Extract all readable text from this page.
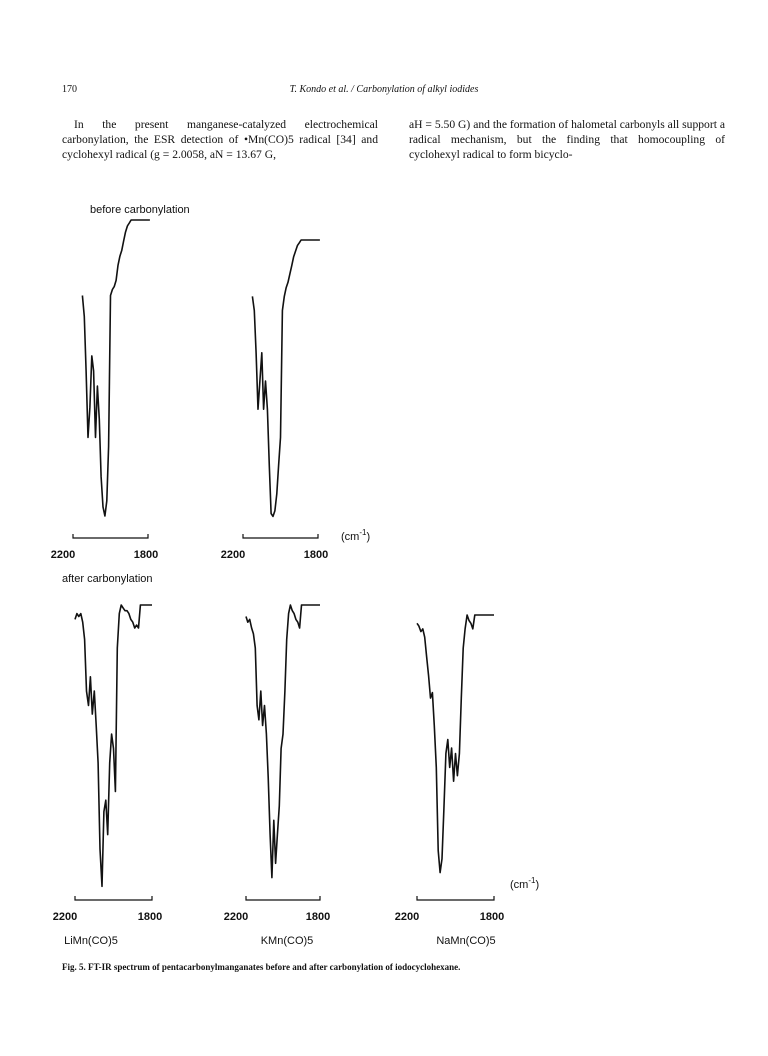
170	T. Kondo et al. / Carbonylation of alkyl iodides

In the present manganese-catalyzed electrochemical carbonylation, the ESR detection of •Mn(CO)5 radical [34] and cyclohexyl radical (g = 2.0058, aN = 13.67 G,

aH = 5.50 G) and the formation of halometal carbonyls all support a radical mechanism, but the finding that homocoupling of cyclohexyl radical to form bicyclo-

before carbonylation
after carbonylation
2200	1800	2200	1800
2200	1800	2200	1800	2200	1800
$(cm^{-1})$
$(cm^{-1})$
LiMn(CO)5	KMn(CO)5	NaMn(CO)5
Fig. 5. FT-IR spectrum of pentacarbonylmanganates before and after carbonylation of iodocyclohexane.
